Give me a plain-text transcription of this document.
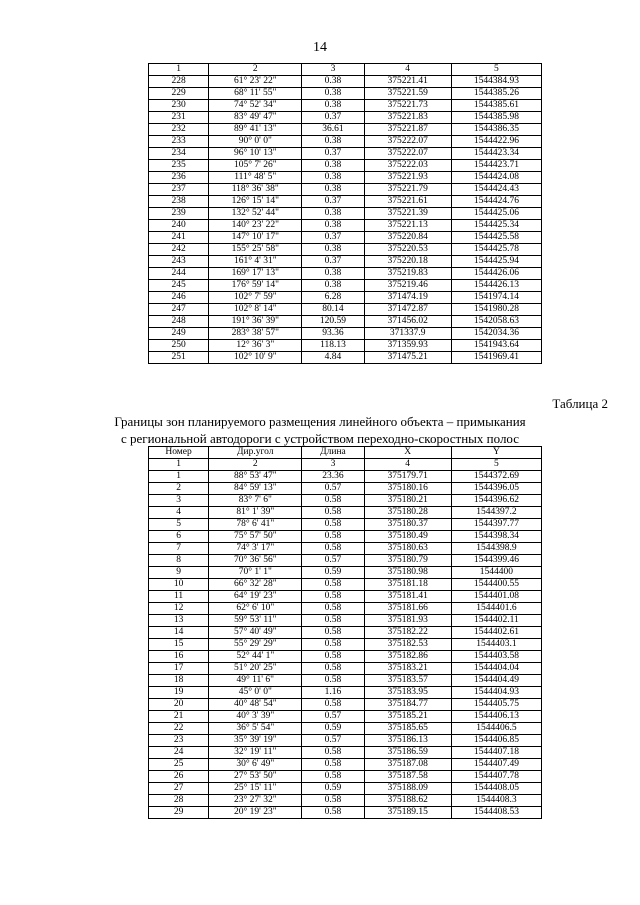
14
1	2	3	4	5
228	61° 23' 22"	0.38	375221.41	1544384.93
229	68° 11' 55"	0.38	375221.59	1544385.26
230	74° 52' 34"	0.38	375221.73	1544385.61
231	83° 49' 47"	0.37	375221.83	1544385.98
232	89° 41' 13"	36.61	375221.87	1544386.35
233	90° 0' 0"	0.38	375222.07	1544422.96
234	96° 10' 13"	0.37	375222.07	1544423.34
235	105° 7' 26"	0.38	375222.03	1544423.71
236	111° 48' 5"	0.38	375221.93	1544424.08
237	118° 36' 38"	0.38	375221.79	1544424.43
238	126° 15' 14"	0.37	375221.61	1544424.76
239	132° 52' 44"	0.38	375221.39	1544425.06
240	140° 23' 22"	0.38	375221.13	1544425.34
241	147° 10' 17"	0.37	375220.84	1544425.58
242	155° 25' 58"	0.38	375220.53	1544425.78
243	161° 4' 31"	0.37	375220.18	1544425.94
244	169° 17' 13"	0.38	375219.83	1544426.06
245	176° 59' 14"	0.38	375219.46	1544426.13
246	102° 7' 59"	6.28	371474.19	1541974.14
247	102° 8' 14"	80.14	371472.87	1541980.28
248	191° 36' 39"	120.59	371456.02	1542058.63
249	283° 38' 57"	93.36	371337.9	1542034.36
250	12° 36' 3"	118.13	371359.93	1541943.64
251	102° 10' 9"	4.84	371475.21	1541969.41
Таблица 2
Границы зон планируемого размещения линейного объекта – примыкания
с региональной автодороги с устройством переходно-скоростных полос
Номер	Дир.угол	Длина	X	Y
1	2	3	4	5
1	88° 53' 47"	23.36	375179.71	1544372.69
2	84° 59' 13"	0.57	375180.16	1544396.05
3	83° 7' 6"	0.58	375180.21	1544396.62
4	81° 1' 39"	0.58	375180.28	1544397.2
5	78° 6' 41"	0.58	375180.37	1544397.77
6	75° 57' 50"	0.58	375180.49	1544398.34
7	74° 3' 17"	0.58	375180.63	1544398.9
8	70° 36' 56"	0.57	375180.79	1544399.46
9	70° 1' 1"	0.59	375180.98	1544400
10	66° 32' 28"	0.58	375181.18	1544400.55
11	64° 19' 23"	0.58	375181.41	1544401.08
12	62° 6' 10"	0.58	375181.66	1544401.6
13	59° 53' 11"	0.58	375181.93	1544402.11
14	57° 40' 49"	0.58	375182.22	1544402.61
15	55° 29' 29"	0.58	375182.53	1544403.1
16	52° 44' 1"	0.58	375182.86	1544403.58
17	51° 20' 25"	0.58	375183.21	1544404.04
18	49° 11' 6"	0.58	375183.57	1544404.49
19	45° 0' 0"	1.16	375183.95	1544404.93
20	40° 48' 54"	0.58	375184.77	1544405.75
21	40° 3' 39"	0.57	375185.21	1544406.13
22	36° 5' 54"	0.59	375185.65	1544406.5
23	35° 39' 19"	0.57	375186.13	1544406.85
24	32° 19' 11"	0.58	375186.59	1544407.18
25	30° 6' 49"	0.58	375187.08	1544407.49
26	27° 53' 50"	0.58	375187.58	1544407.78
27	25° 15' 11"	0.59	375188.09	1544408.05
28	23° 27' 32"	0.58	375188.62	1544408.3
29	20° 19' 23"	0.58	375189.15	1544408.53
